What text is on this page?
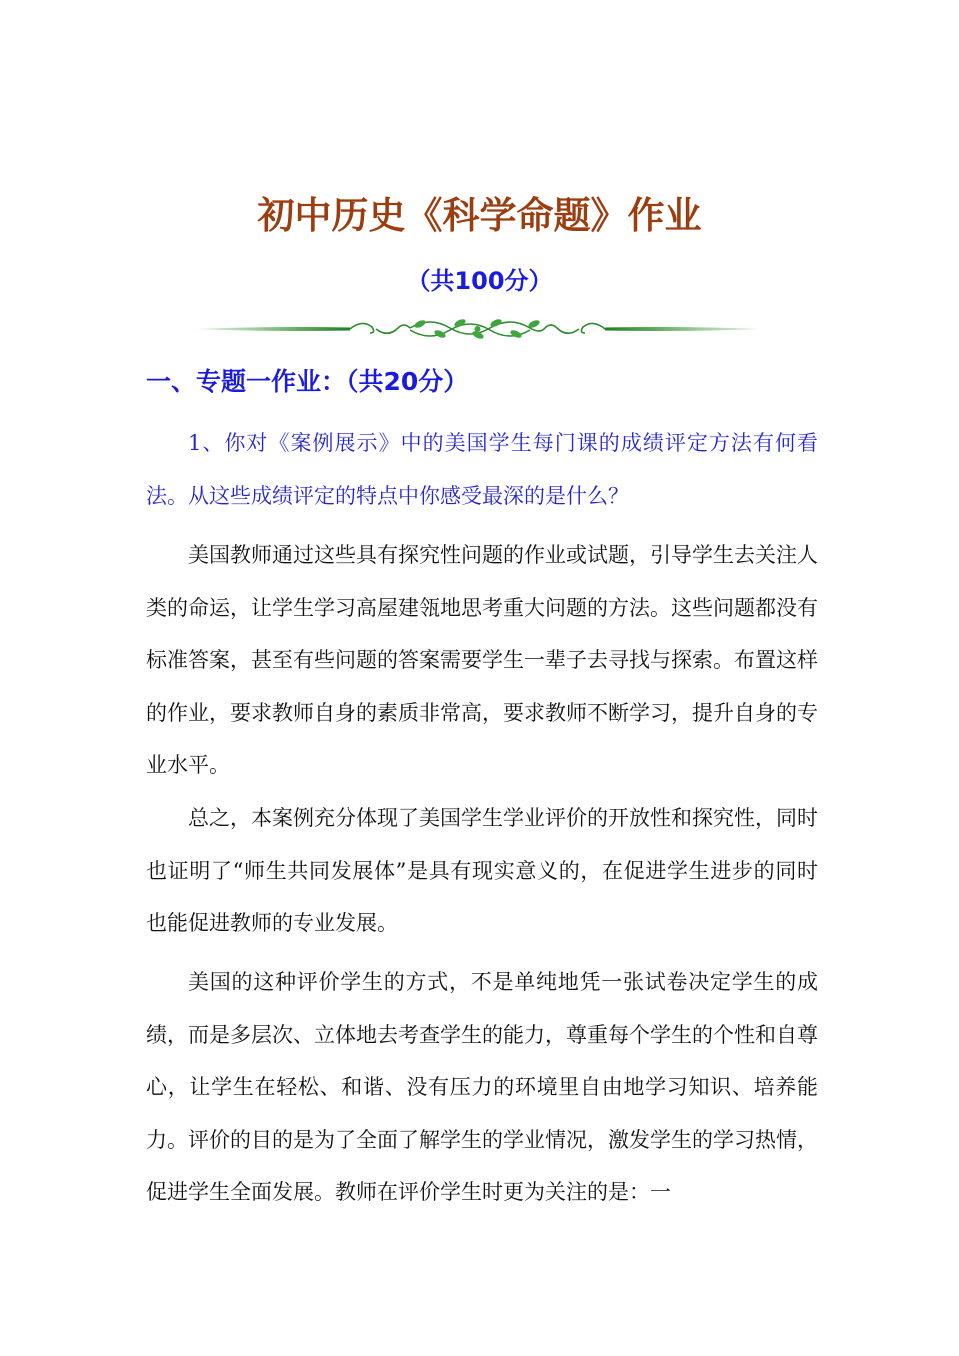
初中历史《科学命题》作业
（共100分）
一、专题一作业：（共20分）

1、你对《案例展示》中的美国学生每门课的成绩评定方法有何看法。从这些成绩评定的特点中你感受最深的是什么？

美国教师通过这些具有探究性问题的作业或试题，引导学生去关注人类的命运，让学生学习高屋建瓴地思考重大问题的方法。这些问题都没有标准答案，甚至有些问题的答案需要学生一辈子去寻找与探索。布置这样的作业，要求教师自身的素质非常高，要求教师不断学习，提升自身的专业水平。

总之，本案例充分体现了美国学生学业评价的开放性和探究性，同时也证明了“师生共同发展体”是具有现实意义的，在促进学生进步的同时也能促进教师的专业发展。

美国的这种评价学生的方式，不是单纯地凭一张试卷决定学生的成绩，而是多层次、立体地去考查学生的能力，尊重每个学生的个性和自尊心，让学生在轻松、和谐、没有压力的环境里自由地学习知识、培养能力。评价的目的是为了全面了解学生的学业情况，激发学生的学习热情，促进学生全面发展。教师在评价学生时更为关注的是：一
